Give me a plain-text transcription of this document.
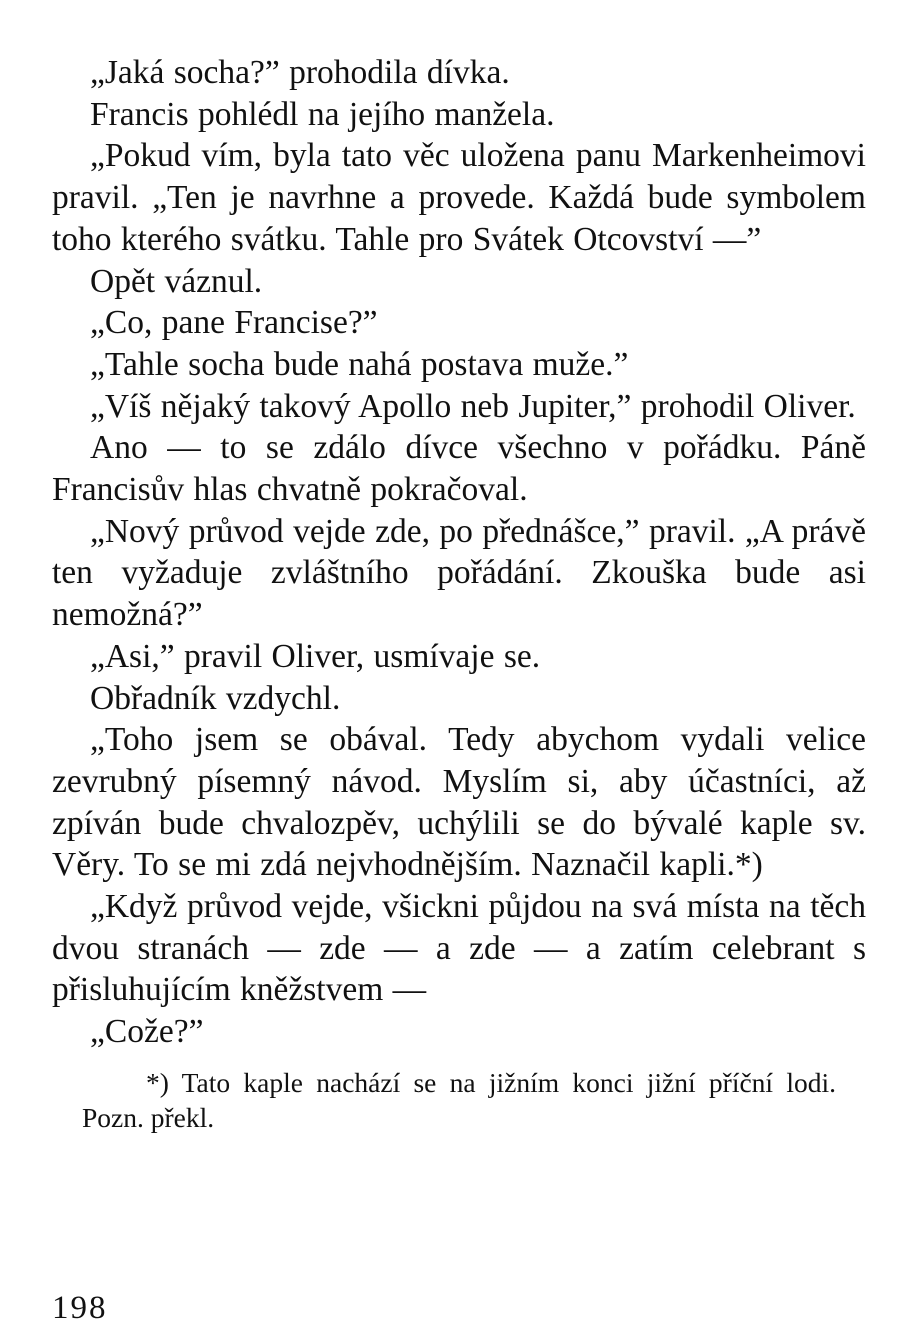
„Jaká socha?” prohodila dívka.

Francis pohlédl na jejího manžela.

„Pokud vím, byla tato věc uložena panu Markenheimovi pravil. „Ten je navrhne a provede. Každá bude symbolem toho kterého svátku. Tahle pro Svátek Otcovství —”

Opět váznul.

„Co, pane Francise?”

„Tahle socha bude nahá postava muže.”

„Víš nějaký takový Apollo neb Jupiter,” prohodil Oliver.

Ano — to se zdálo dívce všechno v pořádku. Páně Francisův hlas chvatně pokračoval.

„Nový průvod vejde zde, po přednášce,” pravil. „A právě ten vyžaduje zvláštního pořádání. Zkouška bude asi nemožná?”

„Asi,” pravil Oliver, usmívaje se.

Obřadník vzdychl.

„Toho jsem se obával. Tedy abychom vydali velice zevrubný písemný návod. Myslím si, aby účastníci, až zpíván bude chvalozpěv, uchýlili se do bývalé kaple sv. Věry. To se mi zdá nejvhodnějším. Naznačil kapli.*)

„Když průvod vejde, všickni půjdou na svá místa na těch dvou stranách — zde — a zde — a zatím celebrant s přisluhujícím kněžstvem —

„Cože?”

*) Tato kaple nachází se na jižním konci jižní příční lodi. Pozn. překl.

198
